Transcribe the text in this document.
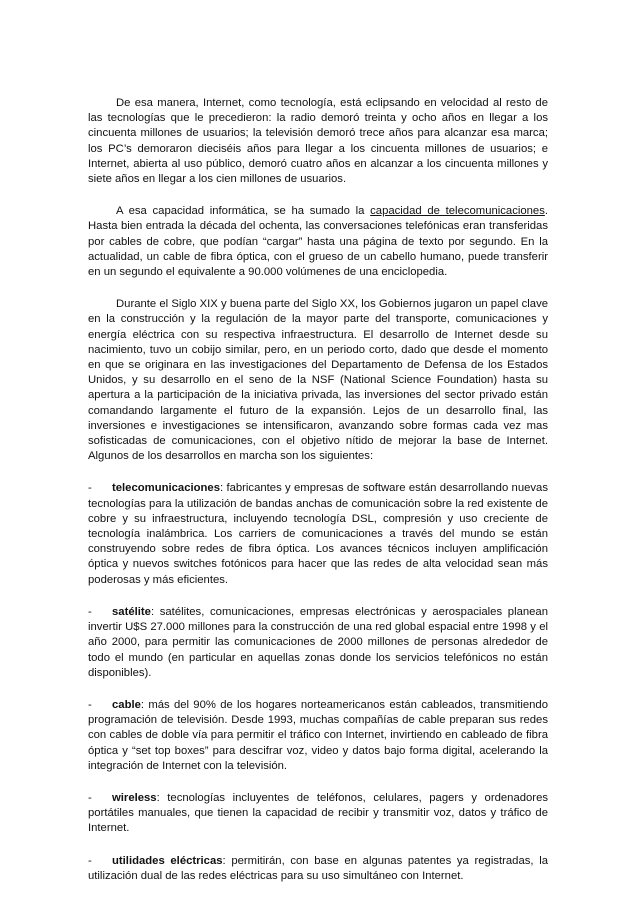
De esa manera, Internet, como tecnología, está eclipsando en velocidad al resto de las tecnologías que le precedieron: la radio demoró treinta y ocho años en llegar a los cincuenta millones de usuarios; la televisión demoró trece años para alcanzar esa marca; los PC’s demoraron dieciséis años para llegar a los cincuenta millones de usuarios; e Internet, abierta al uso público, demoró cuatro años en alcanzar a los cincuenta millones y siete años en llegar a los cien millones de usuarios.

A esa capacidad informática, se ha sumado la capacidad de telecomunicaciones. Hasta bien entrada la década del ochenta, las conversaciones telefónicas eran transferidas por cables de cobre, que podían “cargar” hasta una página de texto por segundo. En la actualidad, un cable de fibra óptica, con el grueso de un cabello humano, puede transferir en un segundo el equivalente a 90.000 volúmenes de una enciclopedia.

Durante el Siglo XIX y buena parte del Siglo XX, los Gobiernos jugaron un papel clave en la construcción y la regulación de la mayor parte del transporte, comunicaciones y energía eléctrica con su respectiva infraestructura. El desarrollo de Internet desde su nacimiento, tuvo un cobijo similar, pero, en un periodo corto, dado que desde el momento en que se originara en las investigaciones del Departamento de Defensa de los Estados Unidos, y su desarrollo en el seno de la NSF (National Science Foundation) hasta su apertura a la participación de la iniciativa privada, las inversiones del sector privado están comandando largamente el futuro de la expansión. Lejos de un desarrollo final, las inversiones e investigaciones se intensificaron, avanzando sobre formas cada vez mas sofisticadas de comunicaciones, con el objetivo nítido de mejorar la base de Internet. Algunos de los desarrollos en marcha son los siguientes:

- telecomunicaciones: fabricantes y empresas de software están desarrollando nuevas tecnologías para la utilización de bandas anchas de comunicación sobre la red existente de cobre y su infraestructura, incluyendo tecnología DSL, compresión y uso creciente de tecnología inalámbrica. Los carriers de comunicaciones a través del mundo se están construyendo sobre redes de fibra óptica. Los avances técnicos incluyen amplificación óptica y nuevos switches fotónicos para hacer que las redes de alta velocidad sean más poderosas y más eficientes.

- satélite: satélites, comunicaciones, empresas electrónicas y aerospaciales planean invertir U$S 27.000 millones para la construcción de una red global espacial entre 1998 y el año 2000, para permitir las comunicaciones de 2000 millones de personas alrededor de todo el mundo (en particular en aquellas zonas donde los servicios telefónicos no están disponibles).

- cable: más del 90% de los hogares norteamericanos están cableados, transmitiendo programación de televisión. Desde 1993, muchas compañías de cable preparan sus redes con cables de doble vía para permitir el tráfico con Internet, invirtiendo en cableado de fibra óptica y “set top boxes” para descifrar voz, video y datos bajo forma digital, acelerando la integración de Internet con la televisión.

- wireless: tecnologías incluyentes de teléfonos, celulares, pagers y ordenadores portátiles manuales, que tienen la capacidad de recibir y transmitir voz, datos y tráfico de Internet.

- utilidades eléctricas: permitirán, con base en algunas patentes ya registradas, la utilización dual de las redes eléctricas para su uso simultáneo con Internet.
